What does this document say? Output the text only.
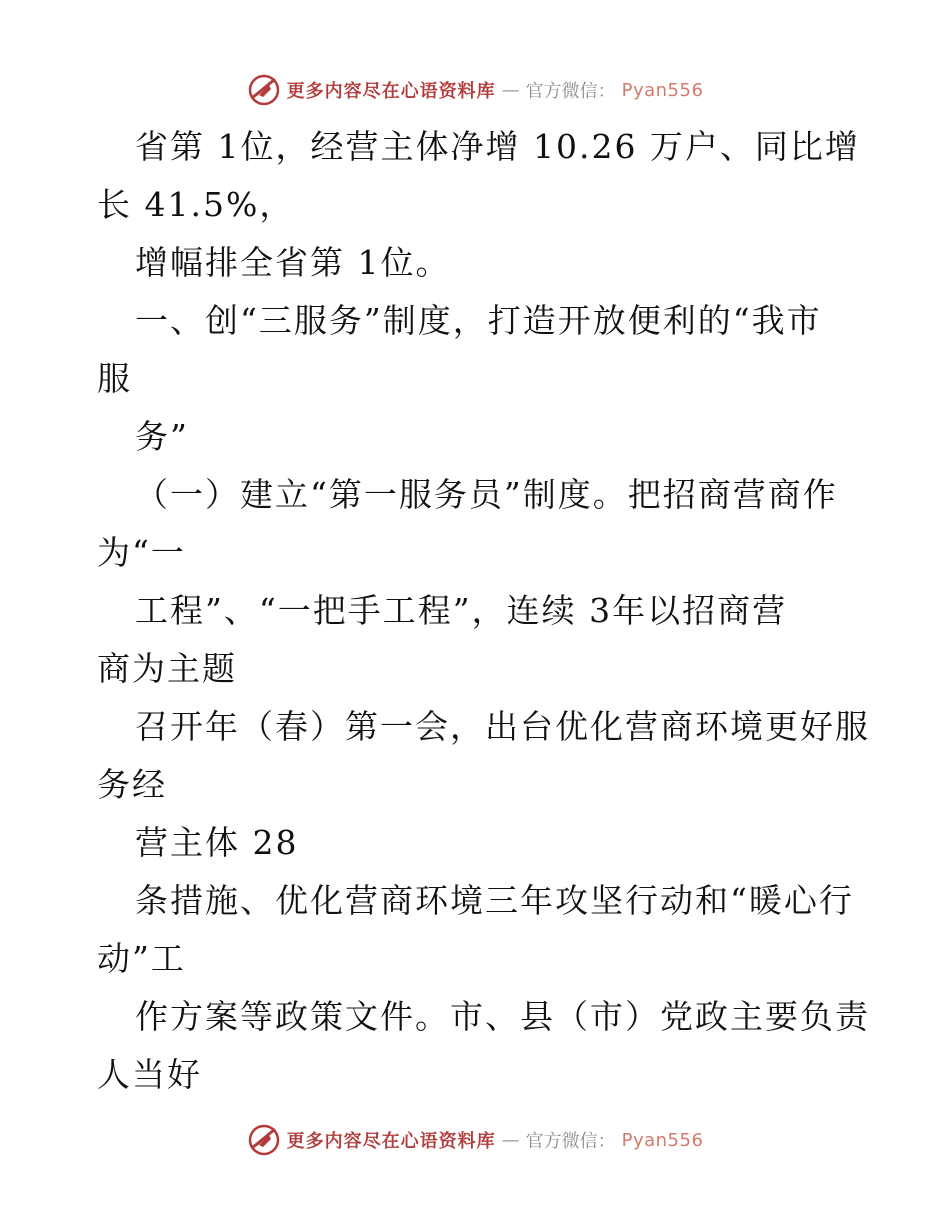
更多内容尽在心语资料库 — 官方微信： Pyan556
省第 1位，经营主体净增 10.26 万户、同比增
长 41.5%，
增幅排全省第 1位。
一、创“三服务”制度，打造开放便利的“我市
服
务”
（一）建立“第一服务员”制度。把招商营商作
为“一
工程”、“一把手工程”，连续 3年以招商营
商为主题
召开年（春）第一会，出台优化营商环境更好服
务经
营主体 28
条措施、优化营商环境三年攻坚行动和“暖心行
动”工
作方案等政策文件。市、县（市）党政主要负责
人当好
更多内容尽在心语资料库 — 官方微信： Pyan556
